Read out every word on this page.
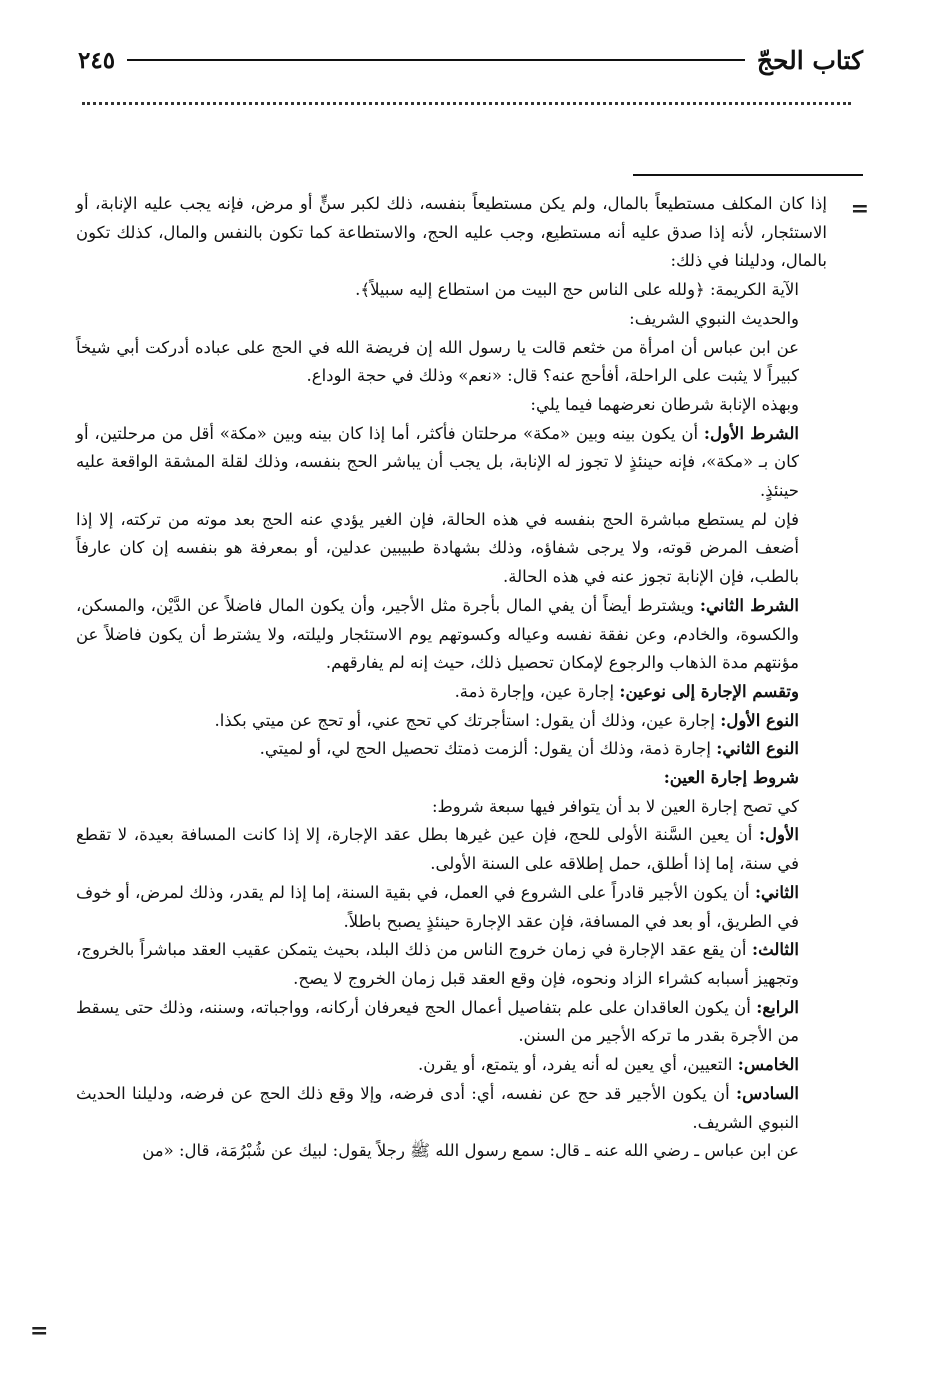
كتاب الحجّ
٢٤٥
=
=

إذا كان المكلف مستطيعاً بالمال، ولم يكن مستطيعاً بنفسه، ذلك لكبر سنٍّ أو مرض، فإنه يجب عليه الإنابة، أو الاستئجار، لأنه إذا صدق عليه أنه مستطيع، وجب عليه الحج، والاستطاعة كما تكون بالنفس والمال، كذلك تكون بالمال، ودليلنا في ذلك:

الآية الكريمة: ﴿ولله على الناس حج البيت من استطاع إليه سبيلاً﴾.

والحديث النبوي الشريف:

عن ابن عباس أن امرأة من خثعم قالت يا رسول الله إن فريضة الله في الحج على عباده أدركت أبي شيخاً كبيراً لا يثبت على الراحلة، أفأحج عنه؟ قال: «نعم» وذلك في حجة الوداع.

وبهذه الإنابة شرطان نعرضهما فيما يلي:

الشرط الأول: أن يكون بينه وبين «مكة» مرحلتان فأكثر، أما إذا كان بينه وبين «مكة» أقل من مرحلتين، أو كان بـ «مكة»، فإنه حينئذٍ لا تجوز له الإنابة، بل يجب أن يباشر الحج بنفسه، وذلك لقلة المشقة الواقعة عليه حينئذٍ.

فإن لم يستطع مباشرة الحج بنفسه في هذه الحالة، فإن الغير يؤدي عنه الحج بعد موته من تركته، إلا إذا أضعف المرض قوته، ولا يرجى شفاؤه، وذلك بشهادة طبيبين عدلين، أو بمعرفة هو بنفسه إن كان عارفاً بالطب، فإن الإنابة تجوز عنه في هذه الحالة.

الشرط الثاني: ويشترط أيضاً أن يفي المال بأجرة مثل الأجير، وأن يكون المال فاضلاً عن الدَّيْن، والمسكن، والكسوة، والخادم، وعن نفقة نفسه وعياله وكسوتهم يوم الاستئجار وليلته، ولا يشترط أن يكون فاضلاً عن مؤنتهم مدة الذهاب والرجوع لإمكان تحصيل ذلك، حيث إنه لم يفارقهم.

وتقسم الإجارة إلى نوعين: إجارة عين، وإجارة ذمة.

النوع الأول: إجارة عين، وذلك أن يقول: استأجرتك كي تحج عني، أو تحج عن ميتي بكذا.

النوع الثاني: إجارة ذمة، وذلك أن يقول: ألزمت ذمتك تحصيل الحج لي، أو لميتي.

شروط إجارة العين:

كي تصح إجارة العين لا بد أن يتوافر فيها سبعة شروط:

الأول: أن يعين السَّنة الأولى للحج، فإن عين غيرها بطل عقد الإجارة، إلا إذا كانت المسافة بعيدة، لا تقطع في سنة، إما إذا أطلق، حمل إطلاقه على السنة الأولى.

الثاني: أن يكون الأجير قادراً على الشروع في العمل، في بقية السنة، إما إذا لم يقدر، وذلك لمرض، أو خوف في الطريق، أو بعد في المسافة، فإن عقد الإجارة حينئذٍ يصبح باطلاً.

الثالث: أن يقع عقد الإجارة في زمان خروج الناس من ذلك البلد، بحيث يتمكن عقيب العقد مباشراً بالخروج، وتجهيز أسبابه كشراء الزاد ونحوه، فإن وقع العقد قبل زمان الخروج لا يصح.

الرابع: أن يكون العاقدان على علم بتفاصيل أعمال الحج فيعرفان أركانه، وواجباته، وسننه، وذلك حتى يسقط من الأجرة بقدر ما تركه الأجير من السنن.

الخامس: التعيين، أي يعين له أنه يفرد، أو يتمتع، أو يقرن.

السادس: أن يكون الأجير قد حج عن نفسه، أي: أدى فرضه، وإلا وقع ذلك الحج عن فرضه، ودليلنا الحديث النبوي الشريف.

عن ابن عباس ـ رضي الله عنه ـ قال: سمع رسول الله ﷺ رجلاً يقول: لبيك عن شُبْرُمَة، قال: «من
